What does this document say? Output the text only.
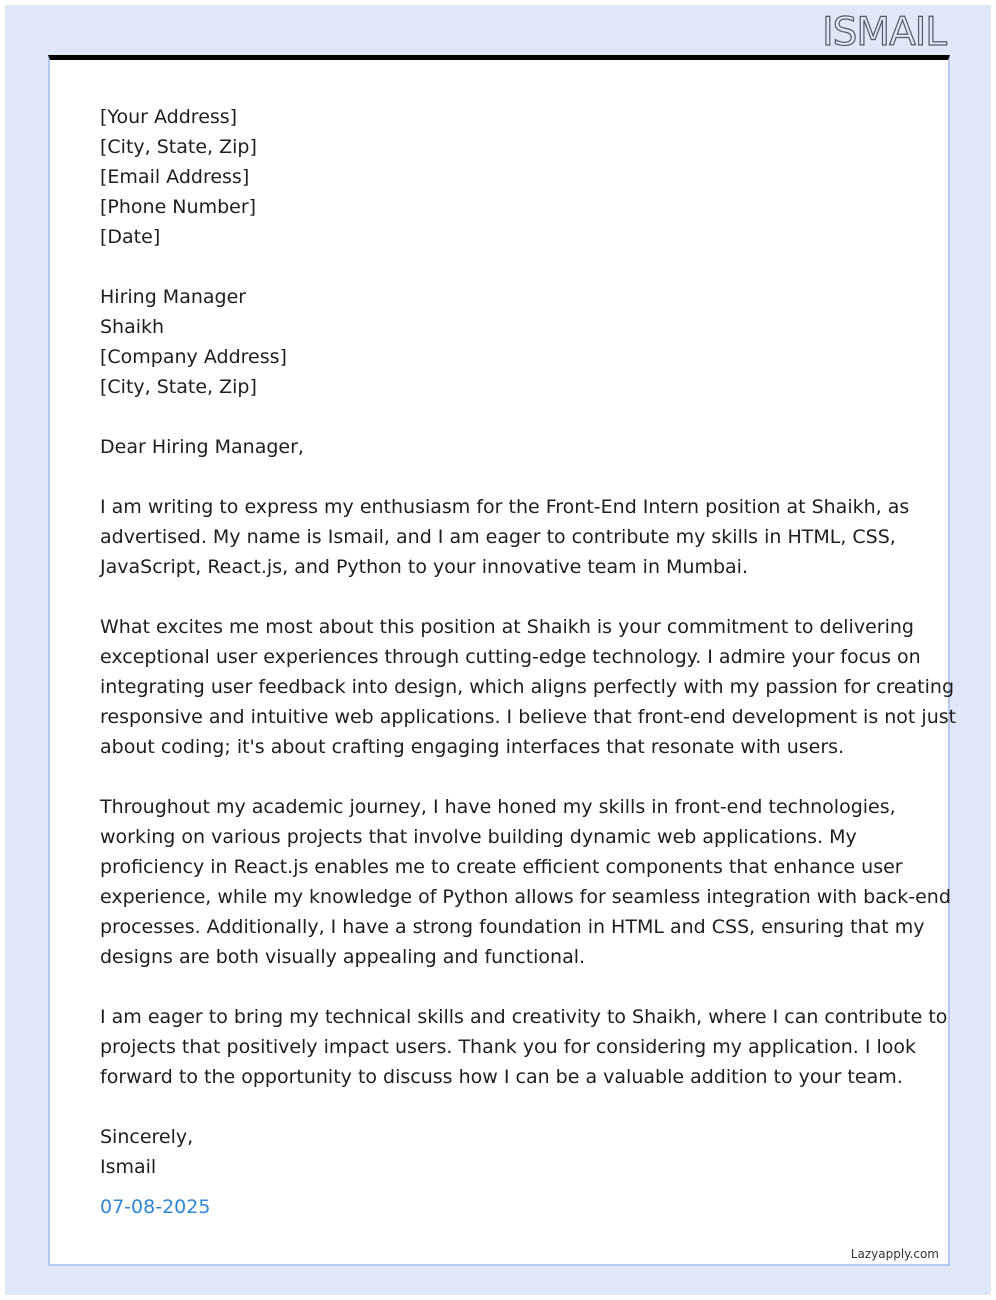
ISMAIL
[Your Address]
[City, State, Zip]
[Email Address]
[Phone Number]
[Date]
Hiring Manager
Shaikh
[Company Address]
[City, State, Zip]
Dear Hiring Manager,
I am writing to express my enthusiasm for the Front-End Intern position at Shaikh, as
advertised. My name is Ismail, and I am eager to contribute my skills in HTML, CSS,
JavaScript, React.js, and Python to your innovative team in Mumbai.
What excites me most about this position at Shaikh is your commitment to delivering
exceptional user experiences through cutting-edge technology. I admire your focus on
integrating user feedback into design, which aligns perfectly with my passion for creating
responsive and intuitive web applications. I believe that front-end development is not just
about coding; it's about crafting engaging interfaces that resonate with users.
Throughout my academic journey, I have honed my skills in front-end technologies,
working on various projects that involve building dynamic web applications. My
proficiency in React.js enables me to create efficient components that enhance user
experience, while my knowledge of Python allows for seamless integration with back-end
processes. Additionally, I have a strong foundation in HTML and CSS, ensuring that my
designs are both visually appealing and functional.
I am eager to bring my technical skills and creativity to Shaikh, where I can contribute to
projects that positively impact users. Thank you for considering my application. I look
forward to the opportunity to discuss how I can be a valuable addition to your team.
Sincerely,
Ismail
07-08-2025
Lazyapply.com
